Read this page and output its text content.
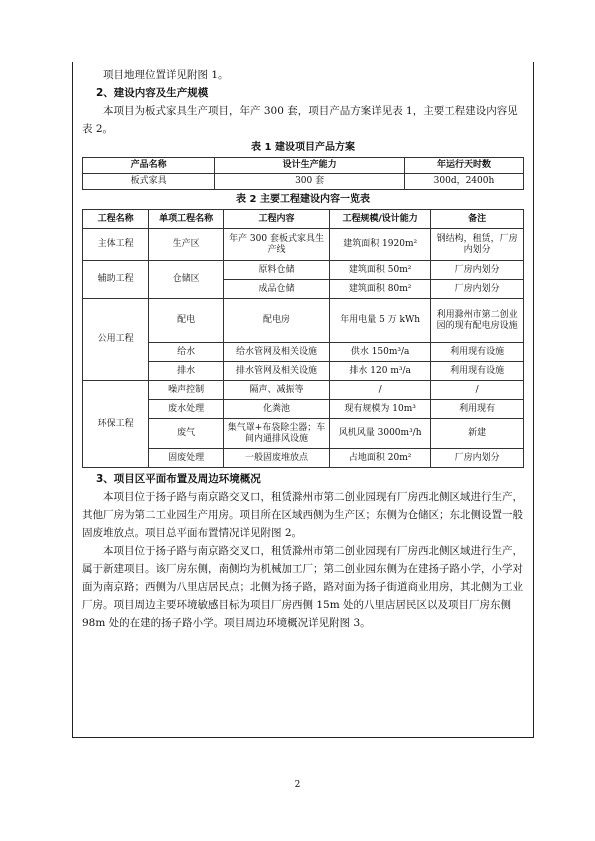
项目地理位置详见附图 1。

2、建设内容及生产规模

本项目为板式家具生产项目，年产 300 套，项目产品方案详见表 1，主要工程建设内容见表 2。

表 1 建设项目产品方案
产品名称	设计生产能力	年运行天时数
板式家具	300 套	300d，2400h
表 2 主要工程建设内容一览表
工程名称	单项工程名称	工程内容	工程规模/设计能力	备注
主体工程	生产区	年产 300 套板式家具生产线	建筑面积 1920m²	钢结构，租赁，厂房内划分
辅助工程	仓储区	原料仓储	建筑面积 50m²	厂房内划分
		成品仓储	建筑面积 80m²	厂房内划分
公用工程	配电	配电房	年用电量 5 万 kWh	利用滁州市第二创业园的现有配电房设施
	给水	给水管网及相关设施	供水 150m³/a	利用现有设施
	排水	排水管网及相关设施	排水 120 m³/a	利用现有设施
环保工程	噪声控制	隔声、减振等	/	/
	废水处理	化粪池	现有规模为 10m³	利用现有
	废气	集气罩+布袋除尘器；车间内通排风设施	风机风量 3000m³/h	新建
	固废处理	一般固废堆放点	占地面积 20m²	厂房内划分

3、项目区平面布置及周边环境概况

本项目位于扬子路与南京路交叉口，租赁滁州市第二创业园现有厂房西北侧区域进行生产，其他厂房为第二工业园生产用房。项目所在区域西侧为生产区；东侧为仓储区；东北侧设置一般固废堆放点。项目总平面布置情况详见附图 2。

本项目位于扬子路与南京路交叉口，租赁滁州市第二创业园现有厂房西北侧区域进行生产，属于新建项目。该厂房东侧，南侧均为机械加工厂；第二创业园东侧为在建扬子路小学，小学对面为南京路；西侧为八里店居民点；北侧为扬子路，路对面为扬子街道商业用房，其北侧为工业厂房。项目周边主要环境敏感目标为项目厂房西侧 15m 处的八里店居民区以及项目厂房东侧 98m 处的在建的扬子路小学。项目周边环境概况详见附图 3。

2
